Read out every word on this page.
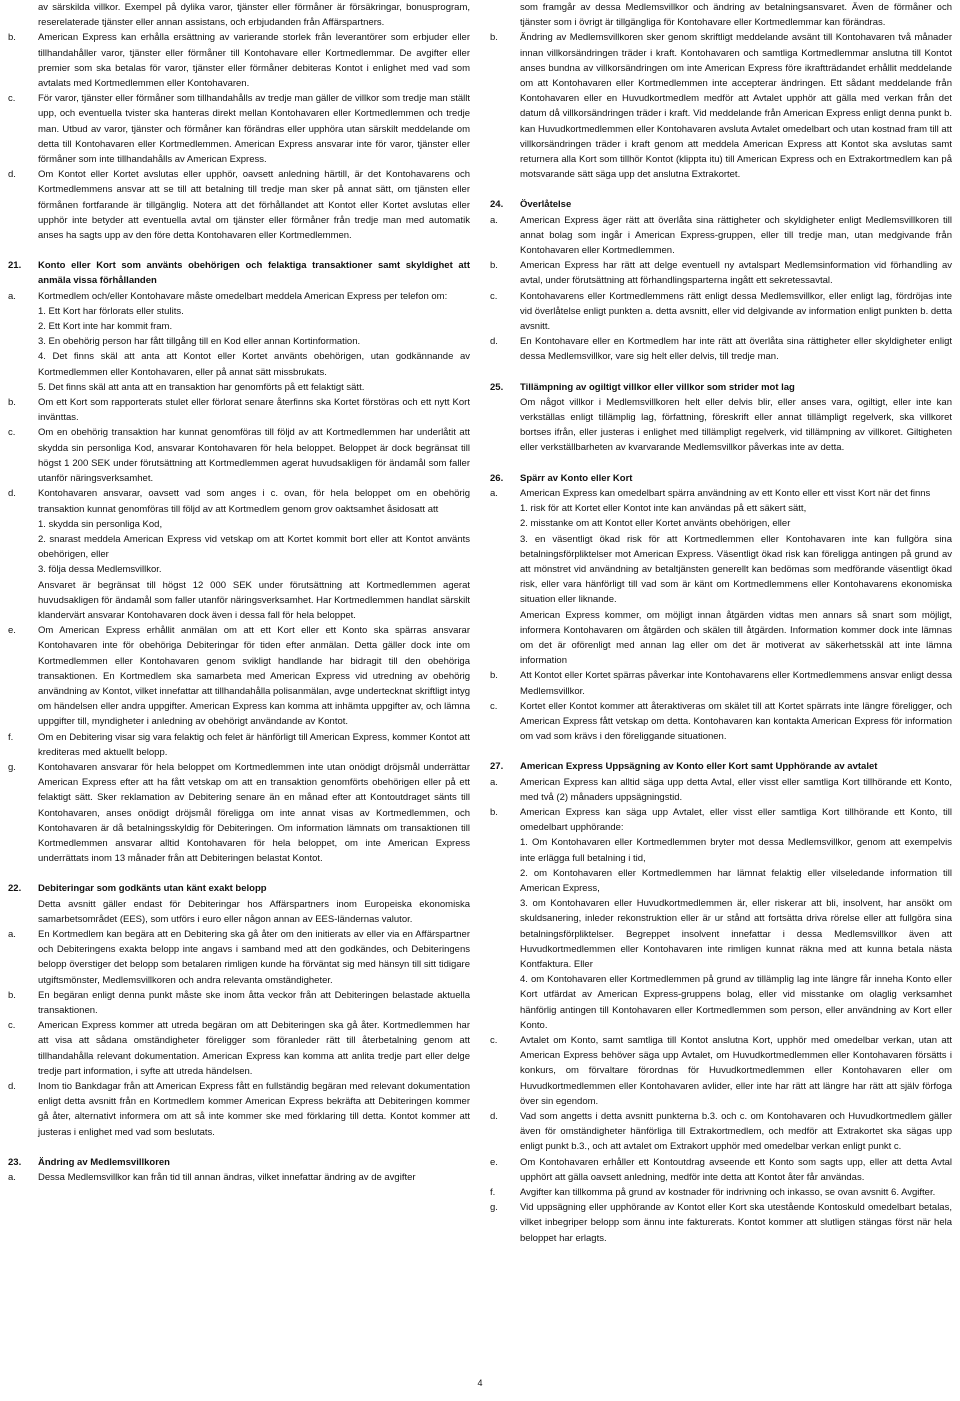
av särskilda villkor. Exempel på dylika varor, tjänster eller förmåner är försäkringar, bonusprogram, reserelaterade tjänster eller annan assistans, och erbjudanden från Affärspartners.
b.	American Express kan erhålla ersättning av varierande storlek från leverantörer som erbjuder eller tillhandahåller varor, tjänster eller förmåner till Kontohavare eller Kortmedlemmar. De avgifter eller premier som ska betalas för varor, tjänster eller förmåner debiteras Kontot i enlighet med vad som avtalats med Kortmedlemmen eller Kontohavaren.
c.	För varor, tjänster eller förmåner som tillhandahålls av tredje man gäller de villkor som tredje man ställt upp, och eventuella tvister ska hanteras direkt mellan Kontohavaren eller Kortmedlemmen och tredje man. Utbud av varor, tjänster och förmåner kan förändras eller upphöra utan särskilt meddelande om detta till Kontohavaren eller Kortmedlemmen. American Express ansvarar inte för varor, tjänster eller förmåner som inte tillhandahålls av American Express.
d.	Om Kontot eller Kortet avslutas eller upphör, oavsett anledning härtill, är det Kontohavarens och Kortmedlemmens ansvar att se till att betalning till tredje man sker på annat sätt, om tjänsten eller förmånen fortfarande är tillgänglig. Notera att det förhållandet att Kontot eller Kortet avslutas eller upphör inte betyder att eventuella avtal om tjänster eller förmåner från tredje man med automatik anses ha sagts upp av den före detta Kontohavaren eller Kortmedlemmen.
21.	Konto eller Kort som använts obehörigen och felaktiga transaktioner samt skyldighet att anmäla vissa förhållanden
a.	Kortmedlem och/eller Kontohavare måste omedelbart meddela American Express per telefon om:
1. Ett Kort har förlorats eller stulits.
2. Ett Kort inte har kommit fram.
3. En obehörig person har fått tillgång till en Kod eller annan Kortinformation.
4. Det finns skäl att anta att Kontot eller Kortet använts obehörigen, utan godkännande av Kortmedlemmen eller Kontohavaren, eller på annat sätt missbrukats.
5. Det finns skäl att anta att en transaktion har genomförts på ett felaktigt sätt.
b.	Om ett Kort som rapporterats stulet eller förlorat senare återfinns ska Kortet förstöras och ett nytt Kort invänttas.
c.	Om en obehörig transaktion har kunnat genomföras till följd av att Kortmedlemmen har underlåtit att skydda sin personliga Kod, ansvarar Kontohavaren för hela beloppet. Beloppet är dock begränsat till högst 1 200 SEK under förutsättning att Kortmedlemmen agerat huvudsakligen för ändamål som faller utanför näringsverksamhet.
d.	Kontohavaren ansvarar, oavsett vad som anges i c. ovan, för hela beloppet om en obehörig transaktion kunnat genomföras till följd av att Kortmedlem genom grov oaktsamhet åsidosatt att
1. skydda sin personliga Kod,
2. snarast meddela American Express vid vetskap om att Kortet kommit bort eller att Kontot använts obehörigen, eller
3. följa dessa Medlemsvillkor.
Ansvaret är begränsat till högst 12 000 SEK under förutsättning att Kortmedlemmen agerat huvudsakligen för ändamål som faller utanför näringsverksamhet. Har Kortmedlemmen handlat särskilt klandervärt ansvarar Kontohavaren dock även i dessa fall för hela beloppet.
e.	Om American Express erhållit anmälan om att ett Kort eller ett Konto ska spärras ansvarar Kontohavaren inte för obehöriga Debiteringar för tiden efter anmälan. Detta gäller dock inte om Kortmedlemmen eller Kontohavaren genom svikligt handlande har bidragit till den obehöriga transaktionen. En Kortmedlem ska samarbeta med American Express vid utredning av obehörig användning av Kontot, vilket innefattar att tillhandahålla polisanmälan, avge undertecknat skriftligt intyg om händelsen eller andra uppgifter. American Express kan komma att inhämta uppgifter av, och lämna uppgifter till, myndigheter i anledning av obehörigt användande av Kontot.
f.	Om en Debitering visar sig vara felaktig och felet är hänförligt till American Express, kommer Kontot att krediteras med aktuellt belopp.
g.	Kontohavaren ansvarar för hela beloppet om Kortmedlemmen inte utan onödigt dröjsmål underrättar American Express efter att ha fått vetskap om att en transaktion genomförts obehörigen eller på ett felaktigt sätt. Sker reklamation av Debitering senare än en månad efter att Kontoutdraget sänts till Kontohavaren, anses onödigt dröjsmål föreligga om inte annat visas av Kortmedlemmen, och Kontohavaren är då betalningsskyldig för Debiteringen. Om information lämnats om transaktionen till Kortmedlemmen ansvarar alltid Kontohavaren för hela beloppet, om inte American Express underrättats inom 13 månader från att Debiteringen belastat Kontot.
22.	Debiteringar som godkänts utan känt exakt belopp
Detta avsnitt gäller endast för Debiteringar hos Affärspartners inom Europeiska ekonomiska samarbetsområdet (EES), som utförs i euro eller någon annan av EES-ländernas valutor.
a.	En Kortmedlem kan begära att en Debitering ska gå åter om den initierats av eller via en Affärspartner och Debiteringens exakta belopp inte angavs i samband med att den godkändes, och Debiteringens belopp överstiger det belopp som betalaren rimligen kunde ha förväntat sig med hänsyn till sitt tidigare utgiftsmönster, Medlemsvillkoren och andra relevanta omständigheter.
b.	En begäran enligt denna punkt måste ske inom åtta veckor från att Debiteringen belastade aktuella transaktionen.
c.	American Express kommer att utreda begäran om att Debiteringen ska gå åter. Kortmedlemmen har att visa att sådana omständigheter föreligger som föranleder rätt till återbetalning genom att tillhandahålla relevant dokumentation. American Express kan komma att anlita tredje part eller delge tredje part information, i syfte att utreda händelsen.
d.	Inom tio Bankdagar från att American Express fått en fullständig begäran med relevant dokumentation enligt detta avsnitt från en Kortmedlem kommer American Express bekräfta att Debiteringen kommer gå åter, alternativt informera om att så inte kommer ske med förklaring till detta. Kontot kommer att justeras i enlighet med vad som beslutats.
23.	Ändring av Medlemsvillkoren
a.	Dessa Medlemsvillkor kan från tid till annan ändras, vilket innefattar ändring av de avgifter
som framgår av dessa Medlemsvillkor och ändring av betalningsansvaret. Även de förmåner och tjänster som i övrigt är tillgängliga för Kontohavare eller Kortmedlemmar kan förändras.
b.	Ändring av Medlemsvillkoren sker genom skriftligt meddelande avsänt till Kontohavaren två månader innan villkorsändringen träder i kraft. Kontohavaren och samtliga Kortmedlemmar anslutna till Kontot anses bundna av villkorsändringen om inte American Express före ikraftträdandet erhållit meddelande om att Kontohavaren eller Kortmedlemmen inte accepterar ändringen. Ett sådant meddelande från Kontohavaren eller en Huvudkortmedlem medför att Avtalet upphör att gälla med verkan från det datum då villkorsändringen träder i kraft. Vid meddelande från American Express enligt denna punkt b. kan Huvudkortmedlemmen eller Kontohavaren avsluta Avtalet omedelbart och utan kostnad fram till att villkorsändringen träder i kraft genom att meddela American Express att Kontot ska avslutas samt returnera alla Kort som tillhör Kontot (klippta itu) till American Express och en Extrakortmedlem kan på motsvarande sätt säga upp det anslutna Extrakortet.
24.	Överlåtelse
a.	American Express äger rätt att överlåta sina rättigheter och skyldigheter enligt Medlemsvillkoren till annat bolag som ingår i American Express-gruppen, eller till tredje man, utan medgivande från Kontohavaren eller Kortmedlemmen.
b.	American Express har rätt att delge eventuell ny avtalspart Medlemsinformation vid förhandling av avtal, under förutsättning att förhandlingsparterna ingått ett sekretessavtal.
c.	Kontohavarens eller Kortmedlemmens rätt enligt dessa Medlemsvillkor, eller enligt lag, fördröjas inte vid överlåtelse enligt punkten a. detta avsnitt, eller vid delgivande av information enligt punkten b. detta avsnitt.
d.	En Kontohavare eller en Kortmedlem har inte rätt att överlåta sina rättigheter eller skyldigheter enligt dessa Medlemsvillkor, vare sig helt eller delvis, till tredje man.
25.	Tillämpning av ogiltigt villkor eller villkor som strider mot lag
Om något villkor i Medlemsvillkoren helt eller delvis blir, eller anses vara, ogiltigt, eller inte kan verkställas enligt tillämplig lag, författning, föreskrift eller annat tillämpligt regelverk, ska villkoret bortses ifrån, eller justeras i enlighet med tillämpligt regelverk, vid tillämpning av villkoret. Giltigheten eller verkställbarheten av kvarvarande Medlemsvillkor påverkas inte av detta.
26.	Spärr av Konto eller Kort
a.	American Express kan omedelbart spärra användning av ett Konto eller ett visst Kort när det finns
1. risk för att Kortet eller Kontot inte kan användas på ett säkert sätt,
2. misstanke om att Kontot eller Kortet använts obehörigen, eller
3. en väsentligt ökad risk för att Kortmedlemmen eller Kontohavaren inte kan fullgöra sina betalningsförpliktelser mot American Express. Väsentligt ökad risk kan föreligga antingen på grund av att mönstret vid användning av betaltjänsten generellt kan bedömas som medförande väsentligt ökad risk, eller vara hänförligt till vad som är känt om Kortmedlemmens eller Kontohavarens ekonomiska situation eller liknande.
American Express kommer, om möjligt innan åtgärden vidtas men annars så snart som möjligt, informera Kontohavaren om åtgärden och skälen till åtgärden. Information kommer dock inte lämnas om det är oförenligt med annan lag eller om det är motiverat av säkerhetsskäl att inte lämna information
b.	Att Kontot eller Kortet spärras påverkar inte Kontohavarens eller Kortmedlemmens ansvar enligt dessa Medlemsvillkor.
c.	Kortet eller Kontot kommer att återaktiveras om skälet till att Kortet spärrats inte längre föreligger, och American Express fått vetskap om detta. Kontohavaren kan kontakta American Express för information om vad som krävs i den föreliggande situationen.
27.	American Express Uppsägning av Konto eller Kort samt Upphörande av avtalet
a.	American Express kan alltid säga upp detta Avtal, eller visst eller samtliga Kort tillhörande ett Konto, med två (2) månaders uppsägningstid.
b.	American Express kan säga upp Avtalet, eller visst eller samtliga Kort tillhörande ett Konto, till omedelbart upphörande:
1. Om Kontohavaren eller Kortmedlemmen bryter mot dessa Medlemsvillkor, genom att exempelvis inte erlägga full betalning i tid,
2. om Kontohavaren eller Kortmedlemmen har lämnat felaktig eller vilseledande information till American Express,
3. om Kontohavaren eller Huvudkortmedlemmen är, eller riskerar att bli, insolvent, har ansökt om skuldsanering, inleder rekonstruktion eller är ur stånd att fortsätta driva rörelse eller att fullgöra sina betalningsförpliktelser. Begreppet insolvent innefattar i dessa Medlemsvillkor även att Huvudkortmedlemmen eller Kontohavaren inte rimligen kunnat räkna med att kunna betala nästa Kontfaktura. Eller
4. om Kontohavaren eller Kortmedlemmen på grund av tillämplig lag inte längre får inneha Konto eller Kort utfärdat av American Express-gruppens bolag, eller vid misstanke om olaglig verksamhet hänförlig antingen till Kontohavaren eller Kortmedlemmen som person, eller användning av Kort eller Konto.
c.	Avtalet om Konto, samt samtliga till Kontot anslutna Kort, upphör med omedelbar verkan, utan att American Express behöver säga upp Avtalet, om Huvudkortmedlemmen eller Kontohavaren försätts i konkurs, om förvaltare förordnas för Huvudkortmedlemmen eller Kontohavaren eller om Huvudkortmedlemmen eller Kontohavaren avlider, eller inte har rätt att längre har rätt att själv förfoga över sin egendom.
d.	Vad som angetts i detta avsnitt punkterna b.3. och c. om Kontohavaren och Huvudkortmedlem gäller även för omständigheter hänförliga till Extrakortmedlem, och medför att Extrakortet ska sägas upp enligt punkt b.3., och att avtalet om Extrakort upphör med omedelbar verkan enligt punkt c.
e.	Om Kontohavaren erhåller ett Kontoutdrag avseende ett Konto som sagts upp, eller att detta Avtal upphört att gälla oavsett anledning, medför inte detta att Kontot åter får användas.
f.	Avgifter kan tillkomma på grund av kostnader för indrivning och inkasso, se ovan avsnitt 6. Avgifter.
g.	Vid uppsägning eller upphörande av Kontot eller Kort ska utestående Kontoskuld omedelbart betalas, vilket inbegriper belopp som ännu inte fakturerats. Kontot kommer att slutligen stängas först när hela beloppet har erlagts.
4
